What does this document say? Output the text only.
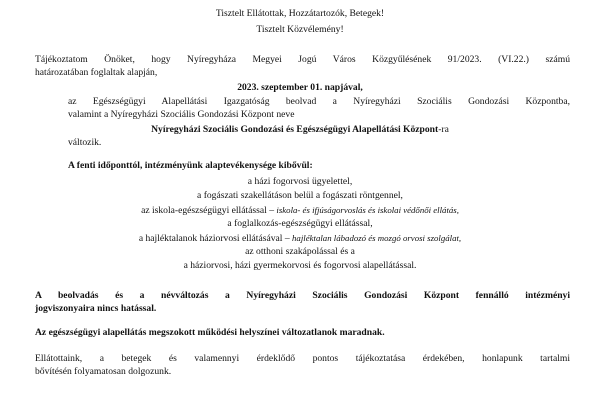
Tisztelt Ellátottak, Hozzátartozók, Betegek!
Tisztelt Közvélemény!
Tájékoztatom Önöket, hogy Nyíregyháza Megyei Jogú Város Közgyűlésének 91/2023. (VI.22.) számú
határozatában foglaltak alapján,
2023. szeptember 01. napjával,
az Egészségügyi Alapellátási Igazgatóság beolvad a Nyíregyházi Szociális Gondozási Központba,
valamint a Nyíregyházi Szociális Gondozási Központ neve
Nyíregyházi Szociális Gondozási és Egészségügyi Alapellátási Központ-ra
változik.
A fenti időponttól, intézményünk alaptevékenysége kibővül:
a házi fogorvosi ügyelettel,
a fogászati szakellátáson belül a fogászati röntgennel,
az iskola-egészségügyi ellátással – iskola- és ifjúságorvoslás és iskolai védőnői ellátás,
a foglalkozás-egészségügyi ellátással,
a hajléktalanok háziorvosi ellátásával – hajléktalan lábadozó és mozgó orvosi szolgálat,
az otthoni szakápolással és a
a háziorvosi, házi gyermekorvosi és fogorvosi alapellátással.
A beolvadás és a névváltozás a Nyíregyházi Szociális Gondozási Központ fennálló intézményi
jogviszonyaira nincs hatással.
Az egészségügyi alapellátás megszokott működési helyszínei változatlanok maradnak.
Ellátottaink, a betegek és valamennyi érdeklődő pontos tájékoztatása érdekében, honlapunk tartalmi
bővítésén folyamatosan dolgozunk.
